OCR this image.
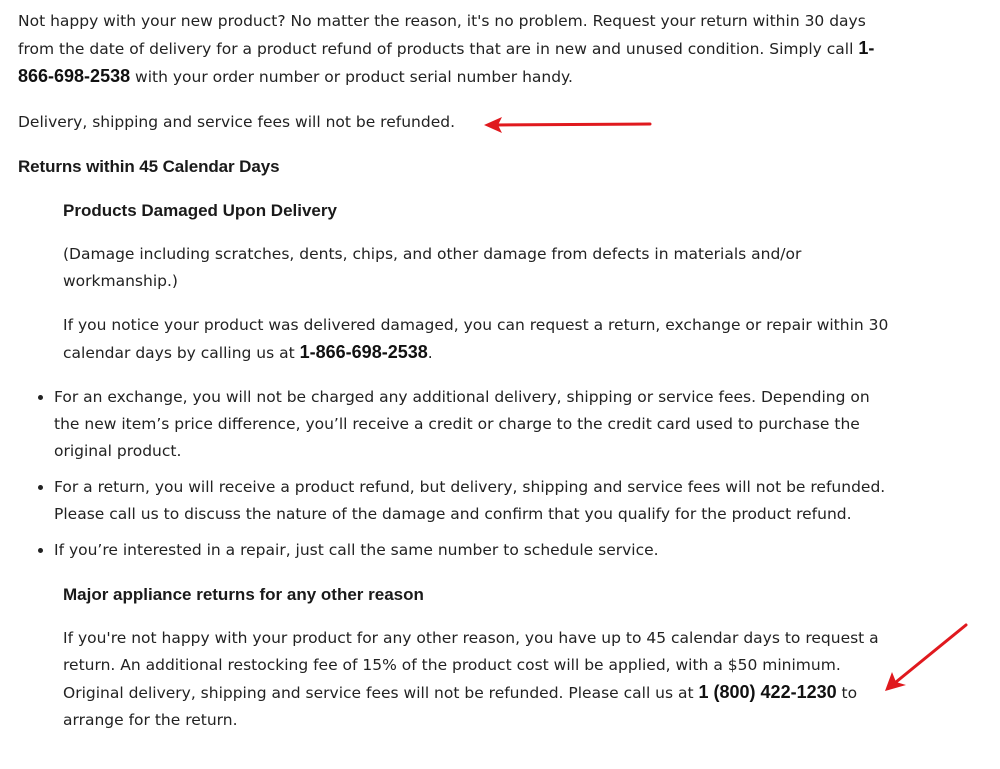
Not happy with your new product? No matter the reason, it's no problem. Request your return within 30 days from the date of delivery for a product refund of products that are in new and unused condition. Simply call 1-866-698-2538 with your order number or product serial number handy.

Delivery, shipping and service fees will not be refunded.

Returns within 45 Calendar Days

Products Damaged Upon Delivery

(Damage including scratches, dents, chips, and other damage from defects in materials and/or workmanship.)

If you notice your product was delivered damaged, you can request a return, exchange or repair within 30 calendar days by calling us at 1-866-698-2538.

• For an exchange, you will not be charged any additional delivery, shipping or service fees. Depending on the new item’s price difference, you’ll receive a credit or charge to the credit card used to purchase the original product.
• For a return, you will receive a product refund, but delivery, shipping and service fees will not be refunded. Please call us to discuss the nature of the damage and confirm that you qualify for the product refund.
• If you’re interested in a repair, just call the same number to schedule service.

Major appliance returns for any other reason

If you're not happy with your product for any other reason, you have up to 45 calendar days to request a return. An additional restocking fee of 15% of the product cost will be applied, with a $50 minimum. Original delivery, shipping and service fees will not be refunded. Please call us at 1 (800) 422-1230 to arrange for the return.
